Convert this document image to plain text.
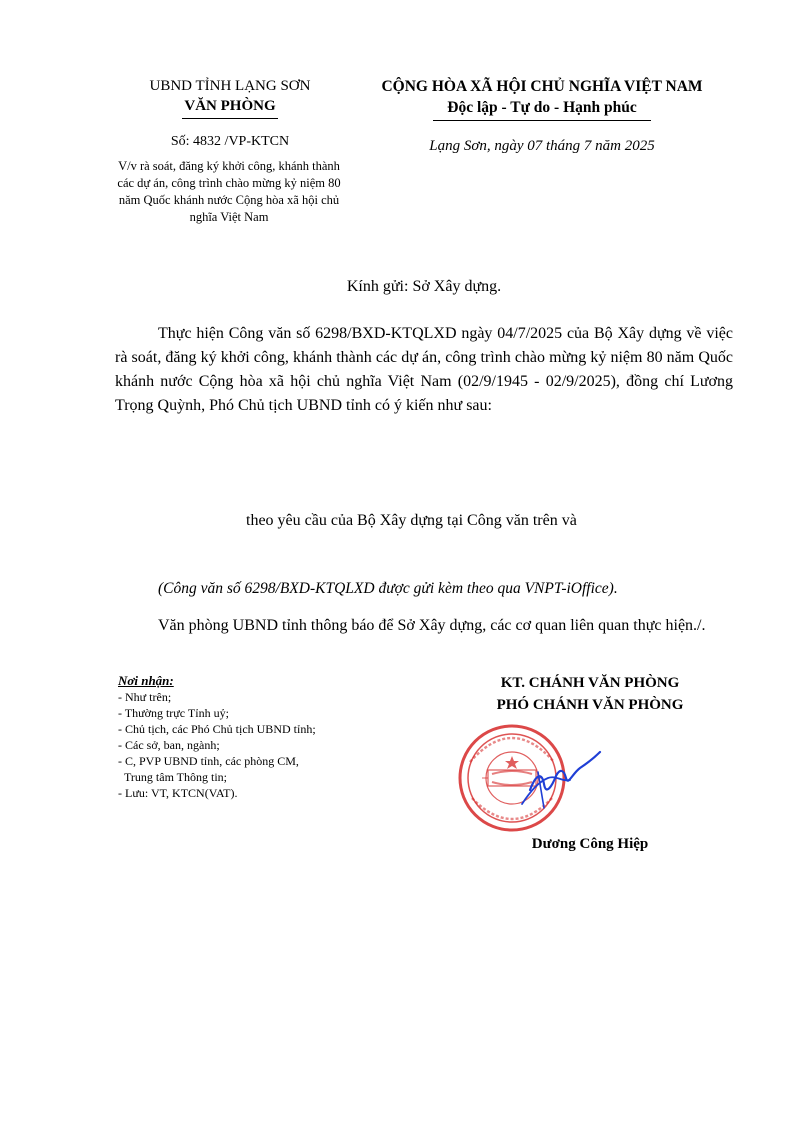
UBND TỈNH LẠNG SƠN
VĂN PHÒNG
CỘNG HÒA XÃ HỘI CHỦ NGHĨA VIỆT NAM
Độc lập - Tự do - Hạnh phúc
Số: 4832 /VP-KTCN
V/v rà soát, đăng ký khởi công, khánh thành các dự án, công trình chào mừng kỷ niệm 80 năm Quốc khánh nước Cộng hòa xã hội chủ nghĩa Việt Nam
Lạng Sơn, ngày 07 tháng 7 năm 2025
Kính gửi: Sở Xây dựng.
Thực hiện Công văn số 6298/BXD-KTQLXD ngày 04/7/2025 của Bộ Xây dựng về việc rà soát, đăng ký khởi công, khánh thành các dự án, công trình chào mừng kỷ niệm 80 năm Quốc khánh nước Cộng hòa xã hội chủ nghĩa Việt Nam (02/9/1945 - 02/9/2025), đồng chí Lương Trọng Quỳnh, Phó Chủ tịch UBND tỉnh có ý kiến như sau:
theo yêu cầu của Bộ Xây dựng tại Công văn trên và
(Công văn số 6298/BXD-KTQLXD được gửi kèm theo qua VNPT-iOffice).
Văn phòng UBND tỉnh thông báo để Sở Xây dựng, các cơ quan liên quan thực hiện./.
Nơi nhận:
- Như trên;
- Thường trực Tỉnh uỷ;
- Chủ tịch, các Phó Chủ tịch UBND tỉnh;
- Các sở, ban, ngành;
- C, PVP UBND tỉnh, các phòng CM,
Trung tâm Thông tin;
- Lưu: VT, KTCN(VAT).
KT. CHÁNH VĂN PHÒNG
PHÓ CHÁNH VĂN PHÒNG
Dương Công Hiệp
